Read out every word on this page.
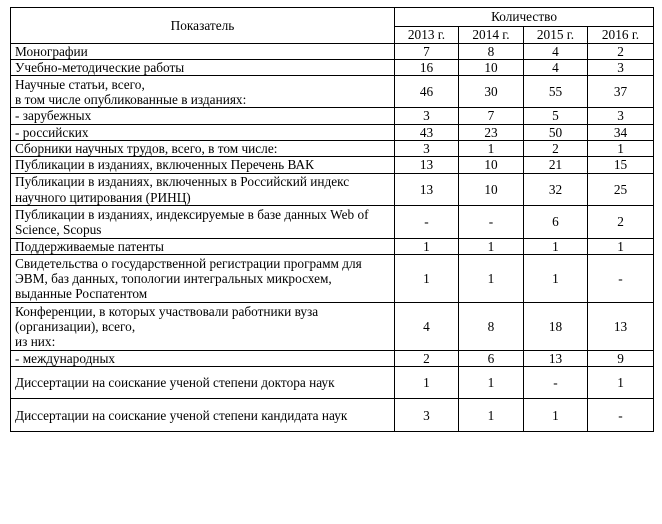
Показатель	Количество			
	2013 г.	2014 г.	2015 г.	2016 г.
Монографии	7	8	4	2
Учебно-методические работы	16	10	4	3
Научные статьи, всего,
в том числе опубликованные в изданиях:	46	30	55	37
- зарубежных	3	7	5	3
- российских	43	23	50	34
Сборники научных трудов, всего, в том числе:	3	1	2	1
Публикации в изданиях, включенных Перечень ВАК	13	10	21	15
Публикации в изданиях, включенных в Российский индекс научного цитирования (РИНЦ)	13	10	32	25
Публикации в изданиях, индексируемые в базе данных Web of Science, Scopus	-	-	6	2
Поддерживаемые патенты	1	1	1	1
Свидетельства о государственной регистрации программ для ЭВМ, баз данных, топологии интегральных микросхем, выданные Роспатентом	1	1	1	-
Конференции, в которых участвовали работники вуза (организации), всего,
из них:	4	8	18	13
- международных	2	6	13	9
Диссертации на соискание ученой степени доктора наук	1	1	-	1
Диссертации на соискание ученой степени кандидата наук	3	1	1	-
